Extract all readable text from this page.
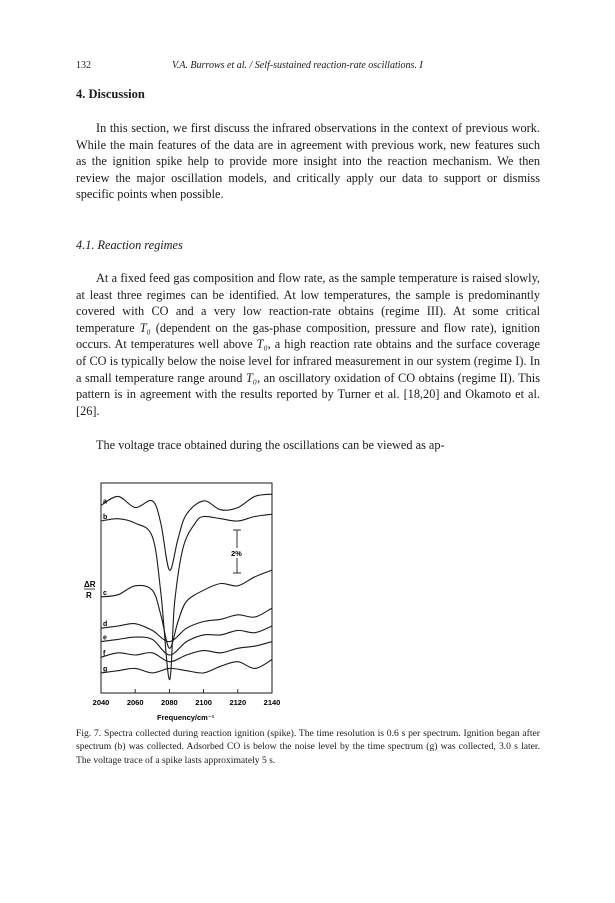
132	V.A. Burrows et al. / Self-sustained reaction-rate oscillations. I
4. Discussion

In this section, we first discuss the infrared observations in the context of previous work. While the main features of the data are in agreement with previous work, new features such as the ignition spike help to provide more insight into the reaction mechanism. We then review the major oscillation models, and critically apply our data to support or dismiss specific points when possible.

4.1. Reaction regimes

At a fixed feed gas composition and flow rate, as the sample temperature is raised slowly, at least three regimes can be identified. At low temperatures, the sample is predominantly covered with CO and a very low reaction-rate obtains (regime III). At some critical temperature T₀ (dependent on the gas-phase composition, pressure and flow rate), ignition occurs. At temperatures well above T₀, a high reaction rate obtains and the surface coverage of CO is typically below the noise level for infrared measurement in our system (regime I). In a small temperature range around T₀, an oscillatory oxidation of CO obtains (regime II). This pattern is in agreement with the results reported by Turner et al. [18,20] and Okamoto et al. [26].

The voltage trace obtained during the oscillations can be viewed as ap-

a
b
c
d
e
f
g
2040 2060 2080 2100 2120 2140
ΔR
R
2%
Frequency/cm⁻¹

Fig. 7. Spectra collected during reaction ignition (spike). The time resolution is 0.6 s per spectrum. Ignition began after spectrum (b) was collected. Adsorbed CO is below the noise level by the time spectrum (g) was collected, 3.0 s later. The voltage trace of a spike lasts approximately 5 s.
